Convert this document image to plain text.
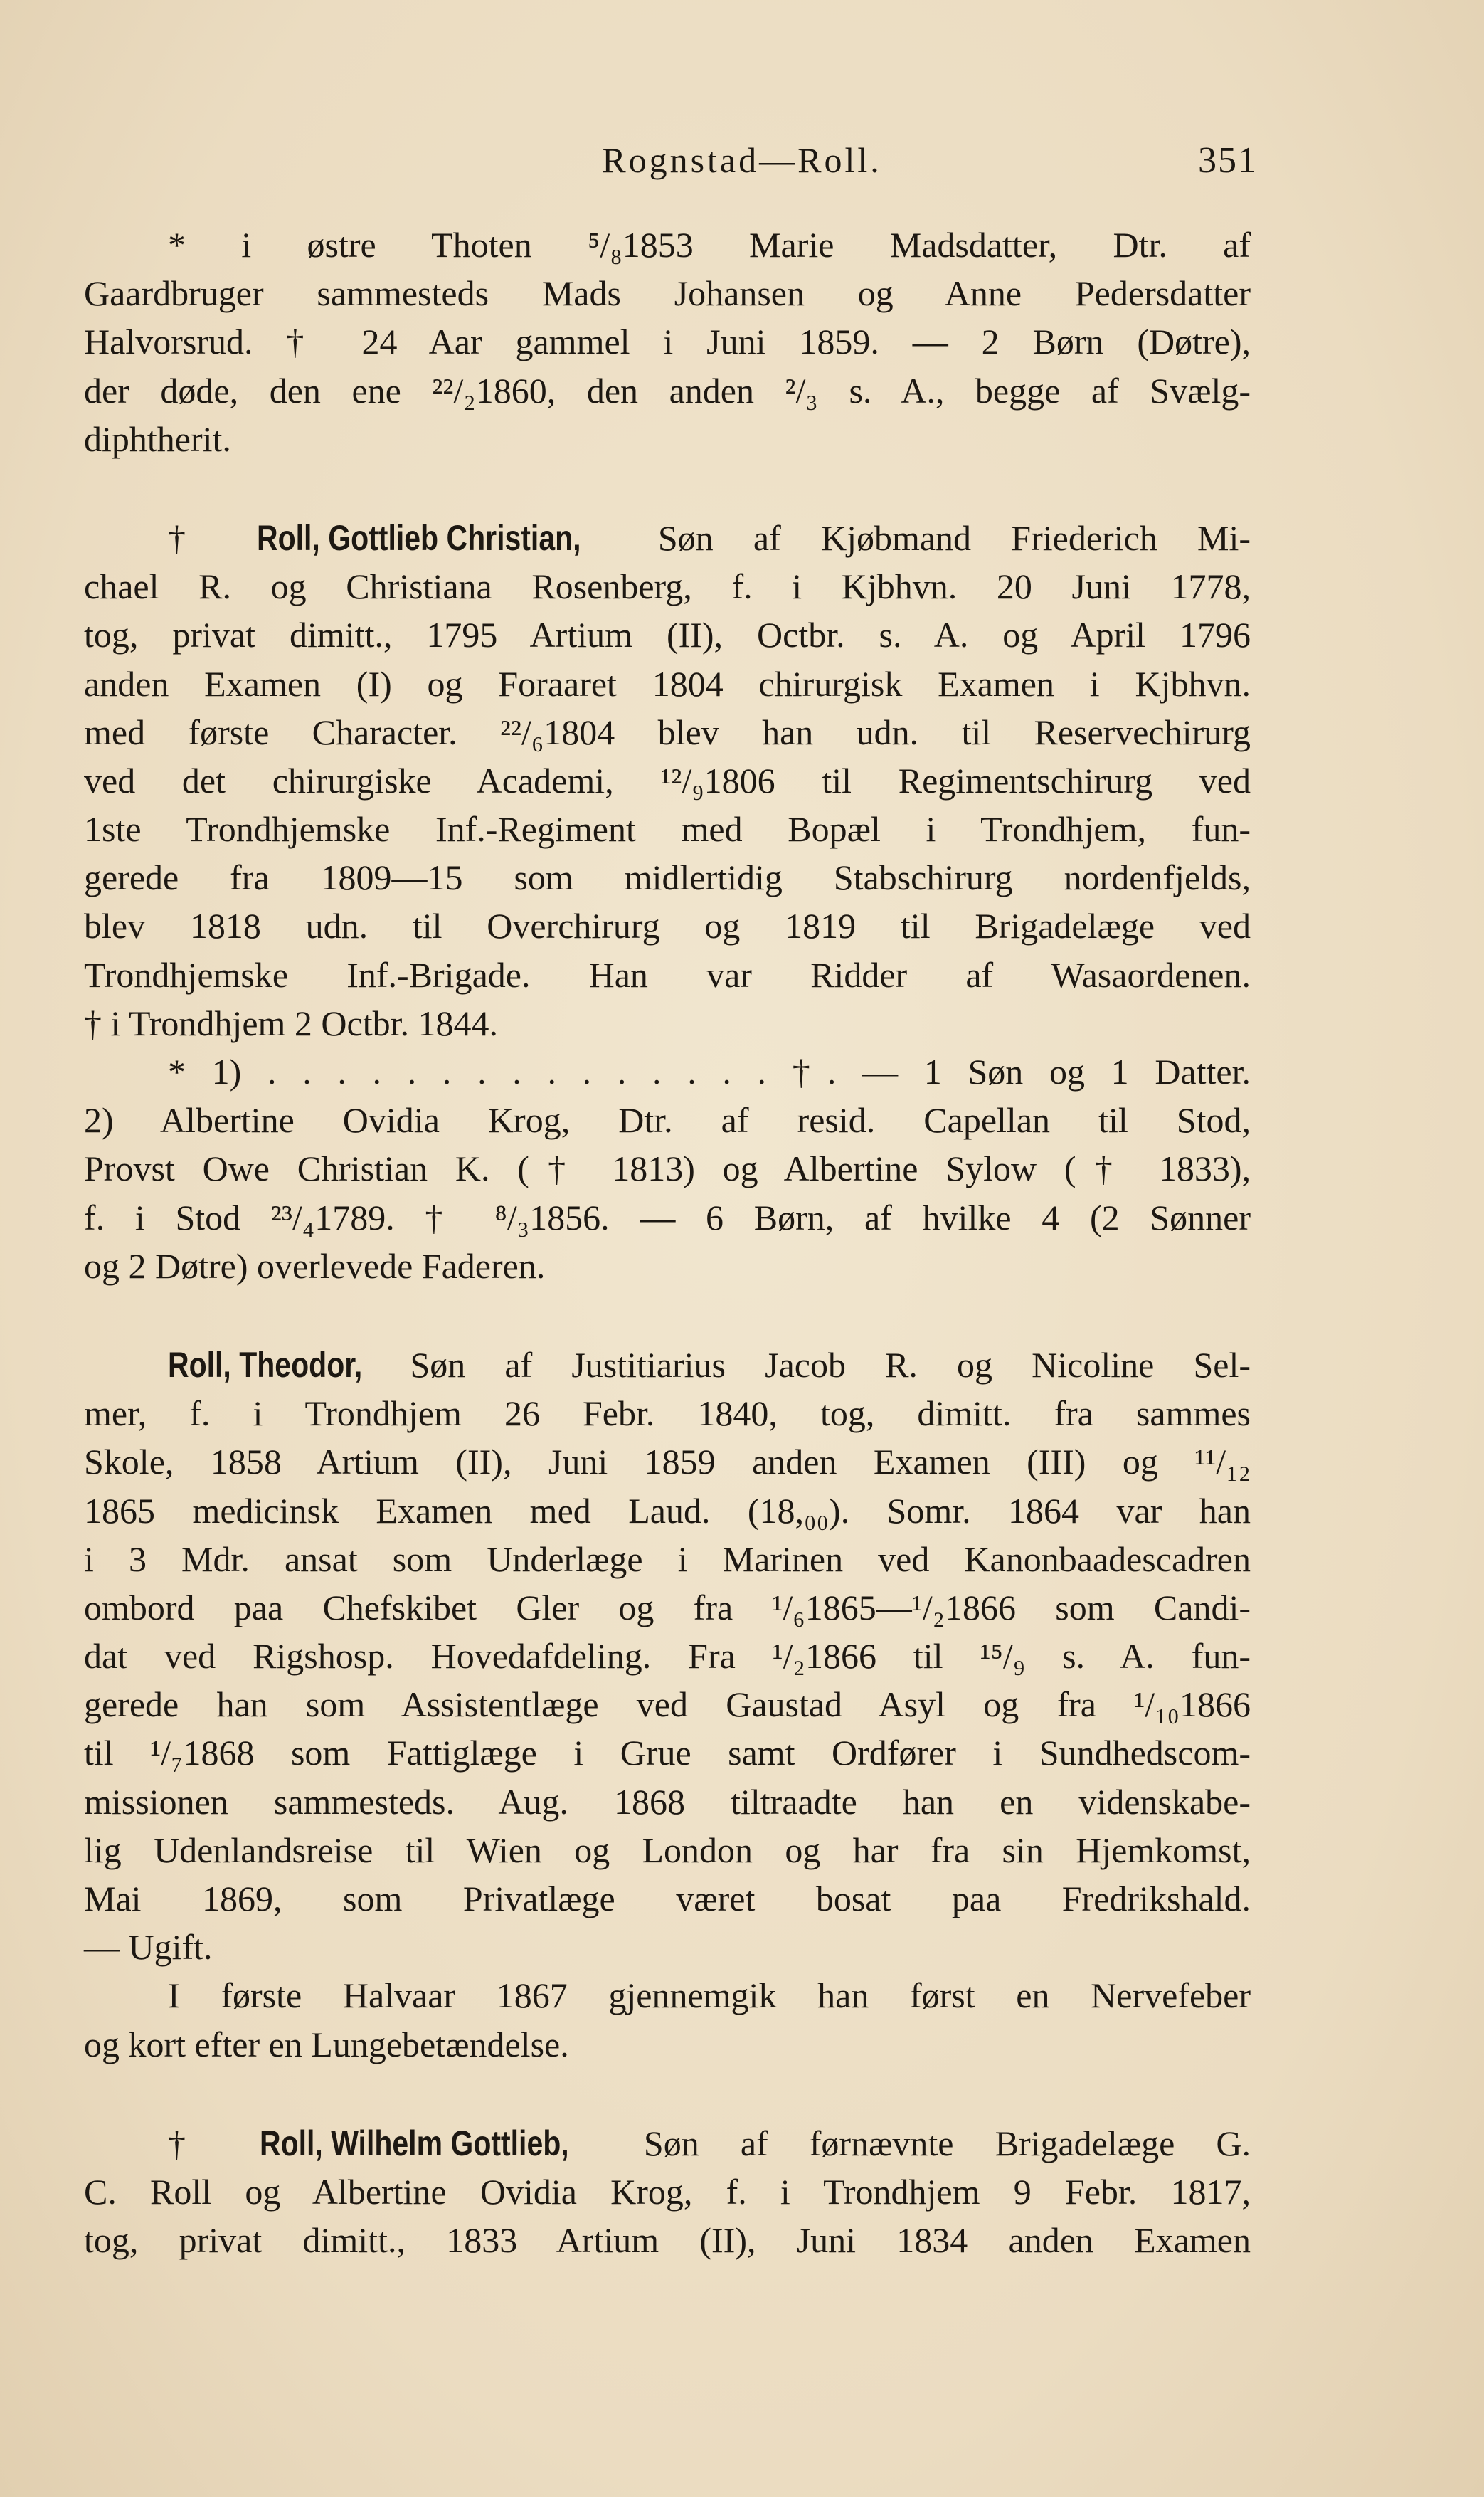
Rognstad—Roll.	351
* i østre Thoten ⁵/₈1853 Marie Madsdatter, Dtr. af
Gaardbruger sammesteds Mads Johansen og Anne Pedersdatter
Halvorsrud. † 24 Aar gammel i Juni 1859. — 2 Børn (Døtre),
der døde, den ene ²²/₂1860, den anden ²/₃ s. A., begge af Svælg-
diphtherit.
† Roll, Gottlieb Christian, Søn af Kjøbmand Friederich Mi-
chael R. og Christiana Rosenberg, f. i Kjbhvn. 20 Juni 1778,
tog, privat dimitt., 1795 Artium (II), Octbr. s. A. og April 1796
anden Examen (I) og Foraaret 1804 chirurgisk Examen i Kjbhvn.
med første Character. ²²/₆1804 blev han udn. til Reservechirurg
ved det chirurgiske Academi, ¹²/₉1806 til Regimentschirurg ved
1ste Trondhjemske Inf.-Regiment med Bopæl i Trondhjem, fun-
gerede fra 1809—15 som midlertidig Stabschirurg nordenfjelds,
blev 1818 udn. til Overchirurg og 1819 til Brigadelæge ved
Trondhjemske Inf.-Brigade. Han var Ridder af Wasaordenen.
† i Trondhjem 2 Octbr. 1844.
* 1) . . . . . . . . . . . . . . . †. — 1 Søn og 1 Datter.
2) Albertine Ovidia Krog, Dtr. af resid. Capellan til Stod,
Provst Owe Christian K. († 1813) og Albertine Sylow († 1833),
f. i Stod ²³/₄1789. † ⁸/₃1856. — 6 Børn, af hvilke 4 (2 Sønner
og 2 Døtre) overlevede Faderen.
Roll, Theodor, Søn af Justitiarius Jacob R. og Nicoline Sel-
mer, f. i Trondhjem 26 Febr. 1840, tog, dimitt. fra sammes
Skole, 1858 Artium (II), Juni 1859 anden Examen (III) og ¹¹/₁₂
1865 medicinsk Examen med Laud. (18,₀₀). Somr. 1864 var han
i 3 Mdr. ansat som Underlæge i Marinen ved Kanonbaadescadren
ombord paa Chefskibet Gler og fra ¹/₆1865—¹/₂1866 som Candi-
dat ved Rigshosp. Hovedafdeling. Fra ¹/₂1866 til ¹⁵/₉ s. A. fun-
gerede han som Assistentlæge ved Gaustad Asyl og fra ¹/₁₀1866
til ¹/₇1868 som Fattiglæge i Grue samt Ordfører i Sundhedscom-
missionen sammesteds. Aug. 1868 tiltraadte han en videnskabe-
lig Udenlandsreise til Wien og London og har fra sin Hjemkomst,
Mai 1869, som Privatlæge været bosat paa Fredrikshald.
— Ugift.
I første Halvaar 1867 gjennemgik han først en Nervefeber
og kort efter en Lungebetændelse.
† Roll, Wilhelm Gottlieb, Søn af førnævnte Brigadelæge G.
C. Roll og Albertine Ovidia Krog, f. i Trondhjem 9 Febr. 1817,
tog, privat dimitt., 1833 Artium (II), Juni 1834 anden Examen
